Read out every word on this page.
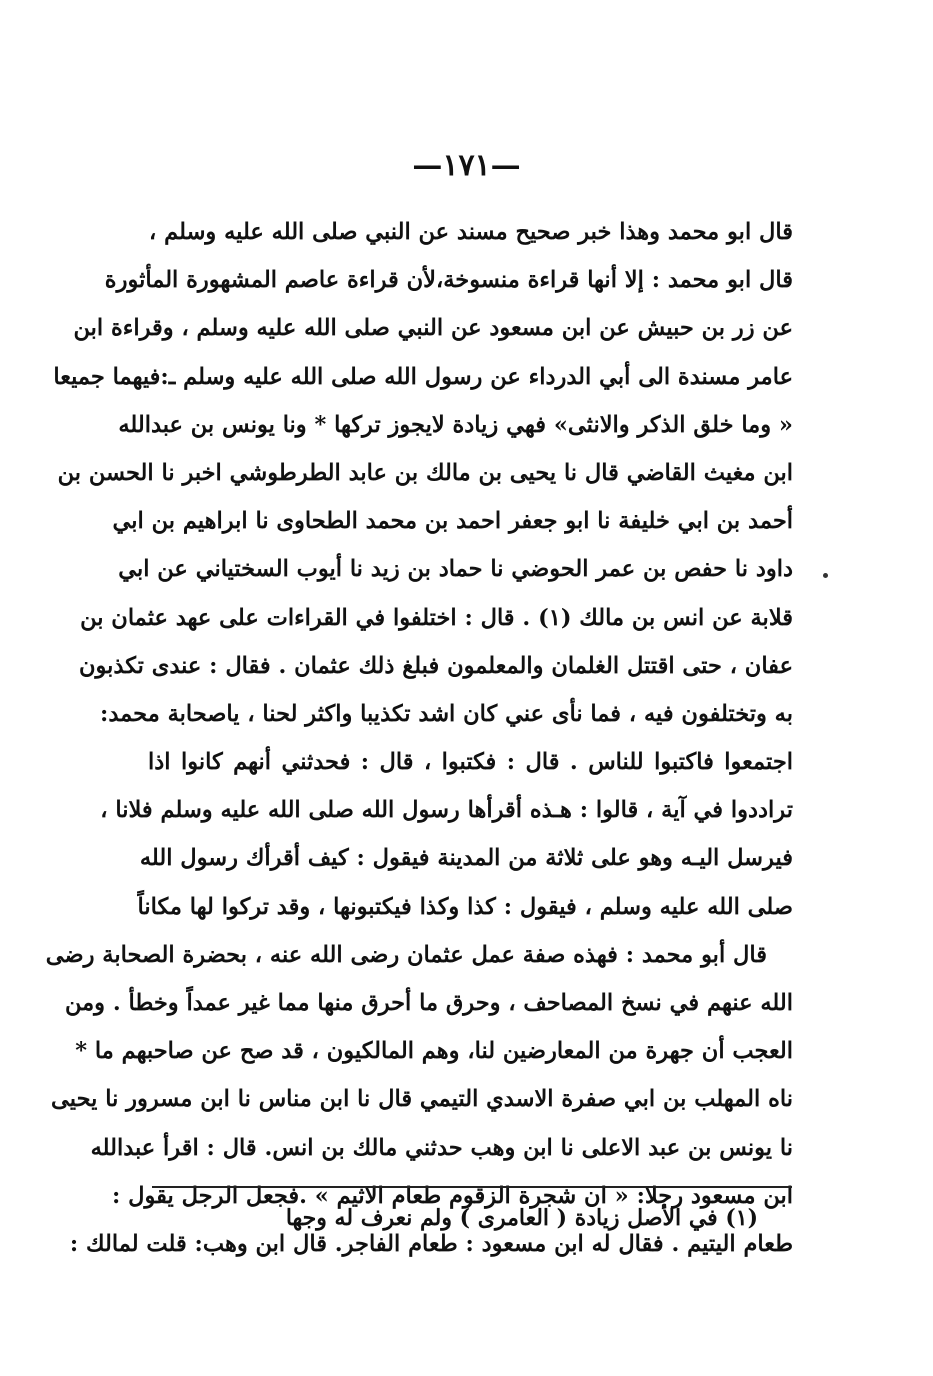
—١٧١—
قال ابو محمد وهذا خبر صحيح مسند عن النبي صلى الله عليه وسلم ،
قال ابو محمد : إلا أنها قراءة منسوخة،لأن قراءة عاصم المشهورة المأثورة
عن زر بن حبيش عن ابن مسعود عن النبي صلى الله عليه وسلم ، وقراءة ابن
عامر مسندة الى أبي الدرداء عن رسول الله صلى الله عليه وسلم ـ:فيهما جميعا
« وما خلق الذكر والانثى» فهي زيادة لايجوز تركها * ونا يونس بن عبدالله
ابن مغيث القاضي قال نا يحيى بن مالك بن عابد الطرطوشي اخبر نا الحسن بن
أحمد بن ابي خليفة نا ابو جعفر احمد بن محمد الطحاوى نا ابراهيم بن ابي
داود نا حفص بن عمر الحوضي نا حماد بن زيد نا أيوب السختياني عن ابي
قلابة عن انس بن مالك (١) . قال : اختلفوا في القراءات على عهد عثمان بن
عفان ، حتى اقتتل الغلمان والمعلمون فبلغ ذلك عثمان . فقال : عندى تكذبون
به وتختلفون فيه ، فما نأى عني كان اشد تكذيبا واكثر لحنا ، ياصحابة محمد:
اجتمعوا فاكتبوا للناس . قال : فكتبوا ، قال : فحدثني أنهم كانوا اذا
تراددوا في آية ، قالوا : هـذه أقرأها رسول الله صلى الله عليه وسلم فلانا ،
فيرسل اليـه وهو على ثلاثة من المدينة فيقول : كيف أقرأك رسول الله
صلى الله عليه وسلم ، فيقول : كذا وكذا فيكتبونها ، وقد تركوا لها مكاناً
قال أبو محمد : فهذه صفة عمل عثمان رضى الله عنه ، بحضرة الصحابة رضى
الله عنهم في نسخ المصاحف ، وحرق ما أحرق منها مما غير عمداً وخطأ . ومن
العجب أن جهرة من المعارضين لنا، وهم المالكيون ، قد صح عن صاحبهم ما *
ناه المهلب بن ابي صفرة الاسدي التيمي قال نا ابن مناس نا ابن مسرور نا يحيى
نا يونس بن عبد الاعلى نا ابن وهب حدثني مالك بن انس. قال : اقرأ عبدالله
ابن مسعود رجلا: « ان شجرة الزقوم طعام الاثيم » .فجعل الرجل يقول :
طعام اليتيم . فقال له ابن مسعود : طعام الفاجر. قال ابن وهب: قلت لمالك :
(١) في الأصل زيادة ( العامرى ) ولم نعرف له وجها
